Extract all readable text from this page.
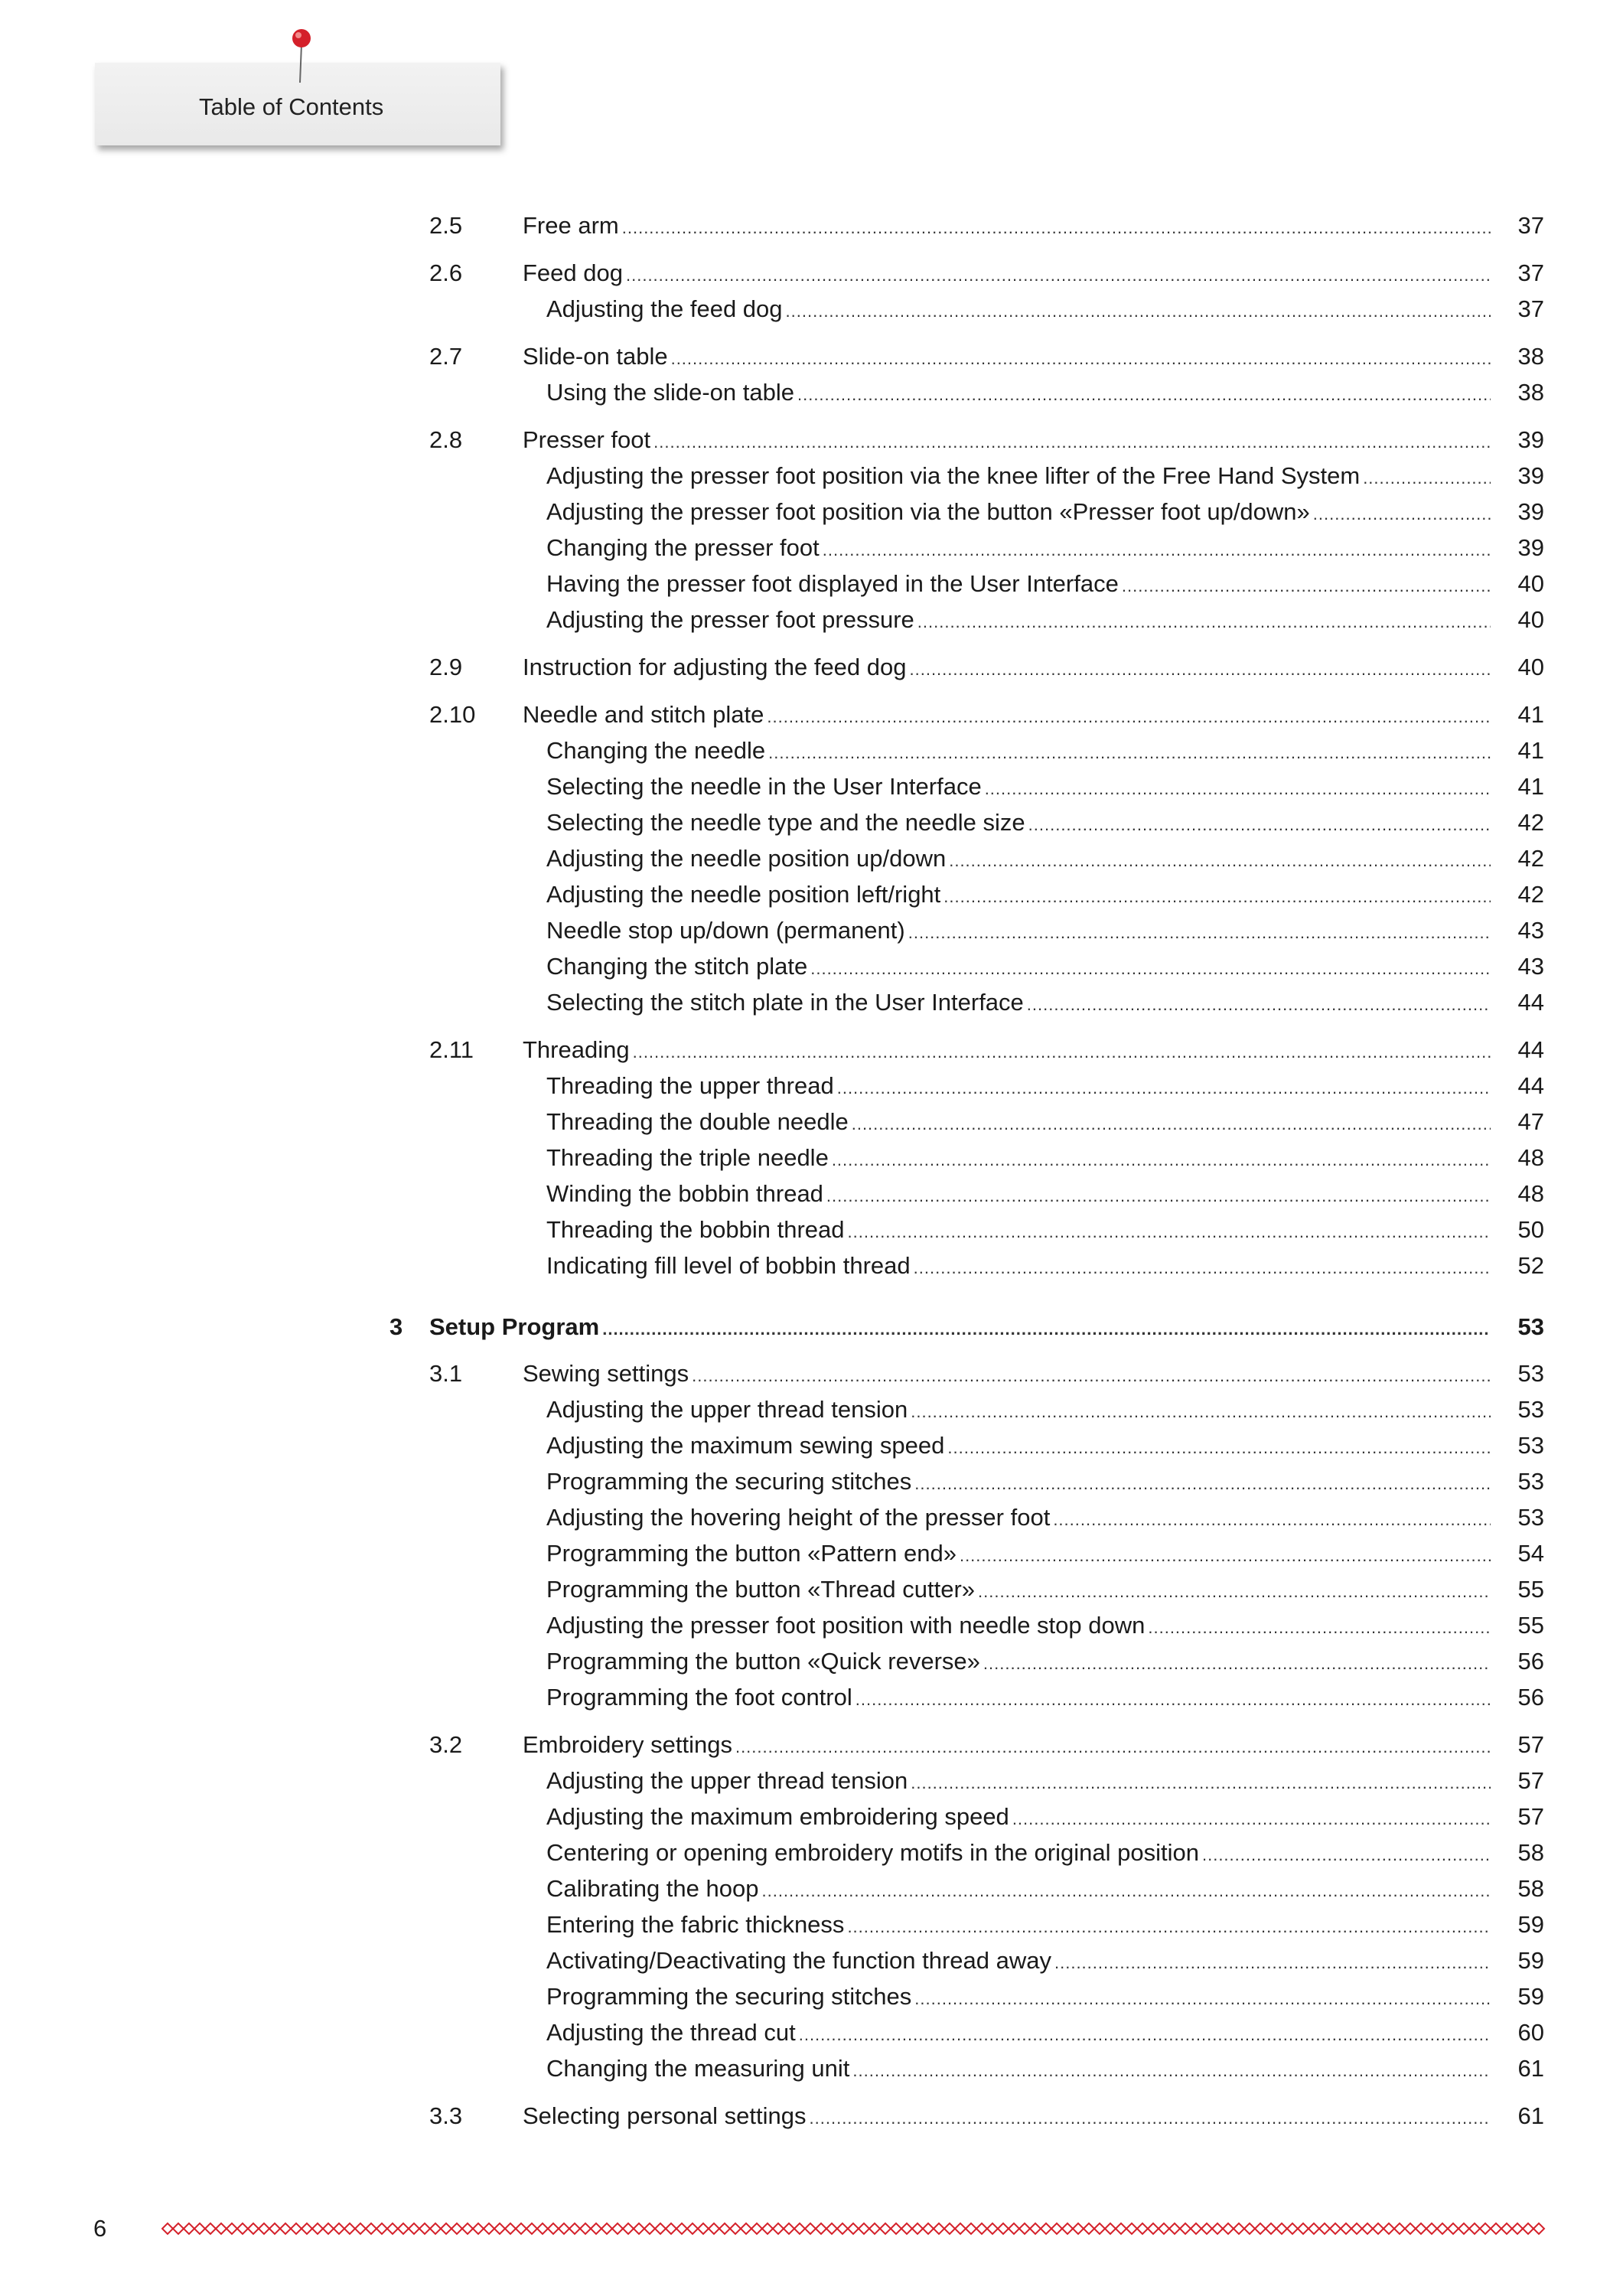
Table of Contents
2.5	Free arm .....	37
2.6	Feed dog .....	37
Adjusting the feed dog .....	37
2.7	Slide-on table .....	38
Using the slide-on table .....	38
2.8	Presser foot .....	39
Adjusting the presser foot position via the knee lifter of the Free Hand System .....	39
Adjusting the presser foot position via the button «Presser foot up/down» .....	39
Changing the presser foot .....	39
Having the presser foot displayed in the User Interface .....	40
Adjusting the presser foot pressure .....	40
2.9	Instruction for adjusting the feed dog .....	40
2.10 Needle and stitch plate .....	41
Changing the needle .....	41
Selecting the needle in the User Interface .....	41
Selecting the needle type and the needle size .....	42
Adjusting the needle position up/down .....	42
Adjusting the needle position left/right .....	42
Needle stop up/down (permanent) .....	43
Changing the stitch plate .....	43
Selecting the stitch plate in the User Interface .....	44
2.11 Threading .....	44
Threading the upper thread .....	44
Threading the double needle .....	47
Threading the triple needle .....	48
Winding the bobbin thread .....	48
Threading the bobbin thread .....	50
Indicating fill level of bobbin thread .....	52
3 Setup Program .....	53
3.1	Sewing settings .....	53
Adjusting the upper thread tension .....	53
Adjusting the maximum sewing speed .....	53
Programming the securing stitches .....	53
Adjusting the hovering height of the presser foot .....	53
Programming the button «Pattern end» .....	54
Programming the button «Thread cutter» .....	55
Adjusting the presser foot position with needle stop down .....	55
Programming the button «Quick reverse» .....	56
Programming the foot control .....	56
3.2	Embroidery settings .....	57
Adjusting the upper thread tension .....	57
Adjusting the maximum embroidering speed .....	57
Centering or opening embroidery motifs in the original position .....	58
Calibrating the hoop .....	58
Entering the fabric thickness .....	59
Activating/Deactivating the function thread away .....	59
Programming the securing stitches .....	59
Adjusting the thread cut .....	60
Changing the measuring unit .....	61
3.3	Selecting personal settings .....	61
6
